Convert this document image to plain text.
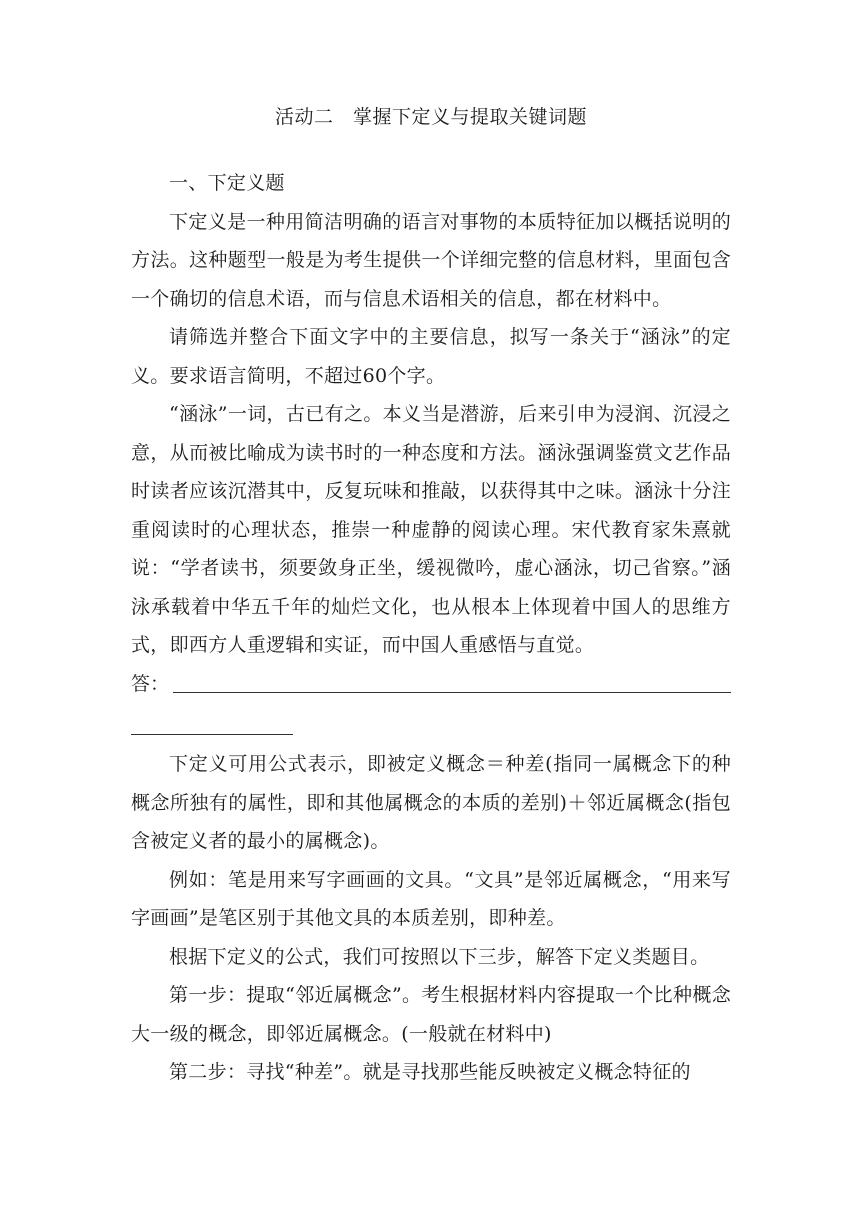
活动二　掌握下定义与提取关键词题

一、下定义题

下定义是一种用简洁明确的语言对事物的本质特征加以概括说明的方法。这种题型一般是为考生提供一个详细完整的信息材料，里面包含一个确切的信息术语，而与信息术语相关的信息，都在材料中。

请筛选并整合下面文字中的主要信息，拟写一条关于“涵泳”的定义。要求语言简明，不超过60个字。

“涵泳”一词，古已有之。本义当是潜游，后来引申为浸润、沉浸之意，从而被比喻成为读书时的一种态度和方法。涵泳强调鉴赏文艺作品时读者应该沉潜其中，反复玩味和推敲，以获得其中之味。涵泳十分注重阅读时的心理状态，推崇一种虚静的阅读心理。宋代教育家朱熹就说：“学者读书，须要敛身正坐，缓视微吟，虚心涵泳，切己省察。”涵泳承载着中华五千年的灿烂文化，也从根本上体现着中国人的思维方式，即西方人重逻辑和实证，而中国人重感悟与直觉。

答：

下定义可用公式表示，即被定义概念＝种差(指同一属概念下的种概念所独有的属性，即和其他属概念的本质的差别)＋邻近属概念(指包含被定义者的最小的属概念)。

例如：笔是用来写字画画的文具。“文具”是邻近属概念，“用来写字画画”是笔区别于其他文具的本质差别，即种差。

根据下定义的公式，我们可按照以下三步，解答下定义类题目。

第一步：提取“邻近属概念”。考生根据材料内容提取一个比种概念大一级的概念，即邻近属概念。(一般就在材料中)

第二步：寻找“种差”。就是寻找那些能反映被定义概念特征的
